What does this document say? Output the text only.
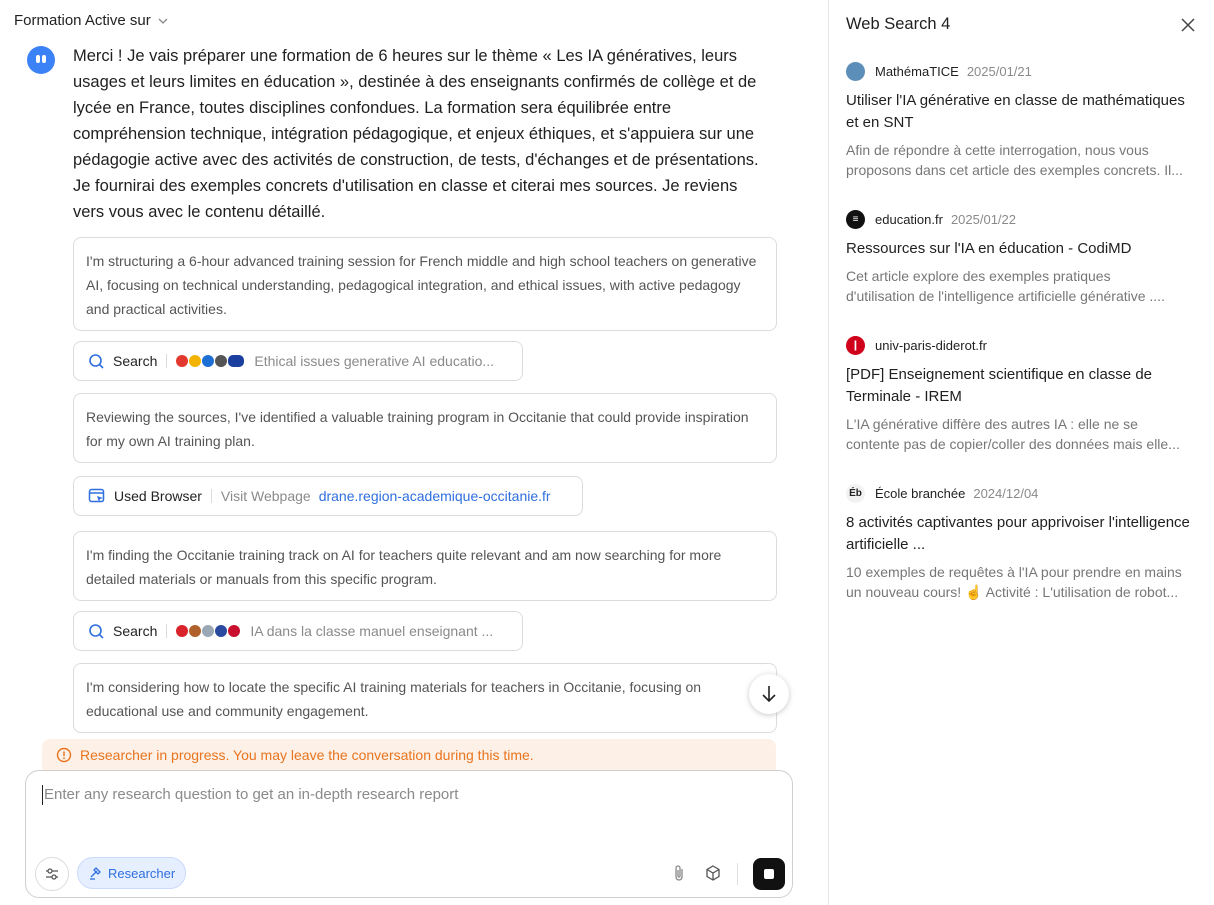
Formation Active sur
Merci ! Je vais préparer une formation de 6 heures sur le thème « Les IA génératives, leurs usages et leurs limites en éducation », destinée à des enseignants confirmés de collège et de lycée en France, toutes disciplines confondues. La formation sera équilibrée entre compréhension technique, intégration pédagogique, et enjeux éthiques, et s'appuiera sur une pédagogie active avec des activités de construction, de tests, d'échanges et de présentations. Je fournirai des exemples concrets d'utilisation en classe et citerai mes sources. Je reviens vers vous avec le contenu détaillé.
I'm structuring a 6-hour advanced training session for French middle and high school teachers on generative AI, focusing on technical understanding, pedagogical integration, and ethical issues, with active pedagogy and practical activities.
Search	Ethical issues generative AI educatio...
Reviewing the sources, I've identified a valuable training program in Occitanie that could provide inspiration for my own AI training plan.
Used Browser Visit Webpage drane.region-academique-occitanie.fr
I'm finding the Occitanie training track on AI for teachers quite relevant and am now searching for more detailed materials or manuals from this specific program.
Search	IA dans la classe manuel enseignant ...
I'm considering how to locate the specific AI training materials for teachers in Occitanie, focusing on educational use and community engagement.
Researcher in progress. You may leave the conversation during this time.
Enter any research question to get an in-depth research report
Researcher
Web Search 4
MathémaTICE 2025/01/21
Utiliser l'IA générative en classe de mathématiques et en SNT
Afin de répondre à cette interrogation, nous vous
proposons dans cet article des exemples concrets. Il...
≡	education.fr 2025/01/22
Ressources sur l'IA en éducation - CodiMD
Cet article explore des exemples pratiques
d'utilisation de l'intelligence artificielle générative ....
❙	univ-paris-diderot.fr
[PDF] Enseignement scientifique en classe de Terminale - IREM
L'IA générative diffère des autres IA : elle ne se
contente pas de copier/coller des données mais elle...
Éb École branchée 2024/12/04
8 activités captivantes pour apprivoiser l'intelligence artificielle ...
10 exemples de requêtes à l'IA pour prendre en mains
un nouveau cours! ☝️ Activité : L'utilisation de robot...
